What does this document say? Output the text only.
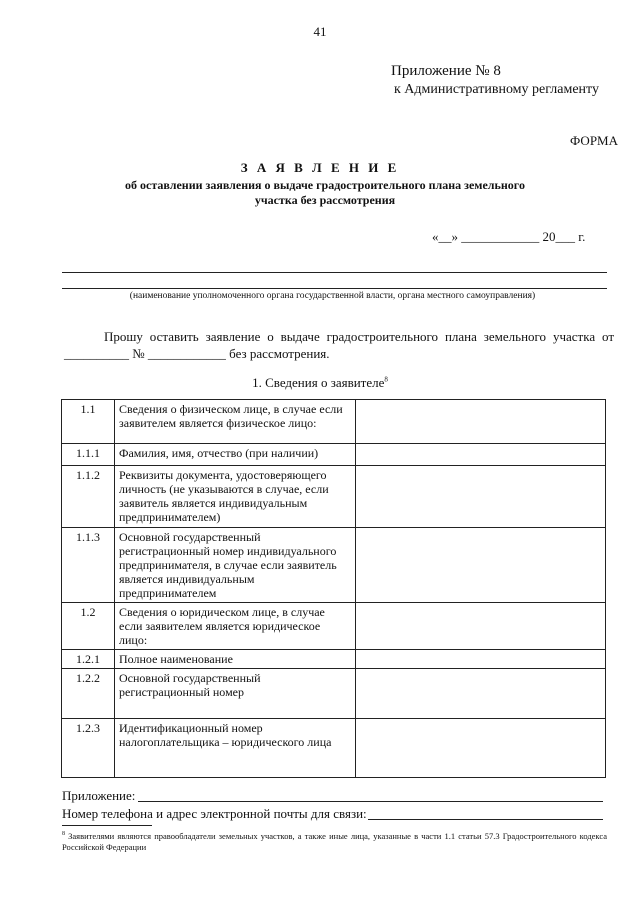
41
Приложение № 8
к Административному регламенту
ФОРМА
З А Я В Л Е Н И Е
об оставлении заявления о выдаче градостроительного плана земельного участка без рассмотрения
«__» ____________ 20___ г.
(наименование уполномоченного органа государственной власти, органа местного самоуправления)
Прошу оставить заявление о выдаче градостроительного плана земельного участка от __________ № ____________ без рассмотрения.
1. Сведения о заявителе$^8$
1.1	Сведения о физическом лице, в случае если заявителем является физическое лицо:	
1.1.1	Фамилия, имя, отчество (при наличии)	
1.1.2	Реквизиты документа, удостоверяющего личность (не указываются в случае, если заявитель является индивидуальным предпринимателем)	
1.1.3	Основной государственный регистрационный номер индивидуального предпринимателя, в случае если заявитель является индивидуальным предпринимателем	
1.2	Сведения о юридическом лице, в случае если заявителем является юридическое лицо:	
1.2.1	Полное наименование	
1.2.2	Основной государственный регистрационный номер	
1.2.3	Идентификационный номер налогоплательщика – юридического лица	
Приложение:
Номер телефона и адрес электронной почты для связи:
$^8$ Заявителями являются правообладатели земельных участков, а также иные лица, указанные в части 1.1 статьи 57.3 Градостроительного кодекса Российской Федерации
